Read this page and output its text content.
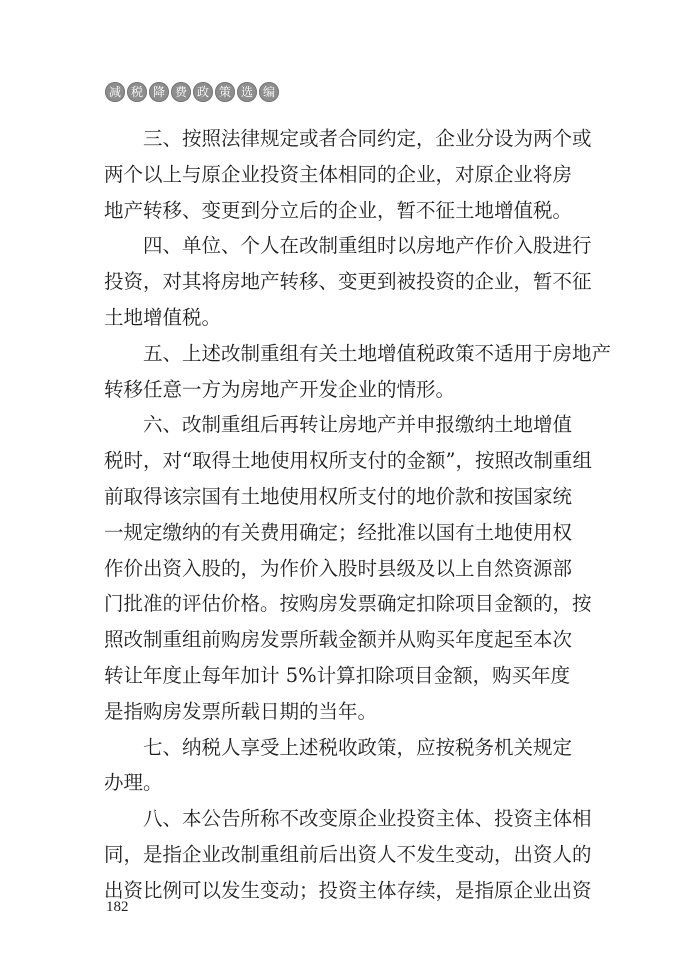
减 税 降 费 政 策 选 编
三、按照法律规定或者合同约定，企业分设为两个或
两个以上与原企业投资主体相同的企业，对原企业将房
地产转移、变更到分立后的企业，暂不征土地增值税。
四、单位、个人在改制重组时以房地产作价入股进行
投资，对其将房地产转移、变更到被投资的企业，暂不征
土地增值税。
五、上述改制重组有关土地增值税政策不适用于房地产
转移任意一方为房地产开发企业的情形。
六、改制重组后再转让房地产并申报缴纳土地增值
税时，对“取得土地使用权所支付的金额”，按照改制重组
前取得该宗国有土地使用权所支付的地价款和按国家统
一规定缴纳的有关费用确定；经批准以国有土地使用权
作价出资入股的，为作价入股时县级及以上自然资源部
门批准的评估价格。按购房发票确定扣除项目金额的，按
照改制重组前购房发票所载金额并从购买年度起至本次
转让年度止每年加计 5%计算扣除项目金额，购买年度
是指购房发票所载日期的当年。
七、纳税人享受上述税收政策，应按税务机关规定
办理。
八、本公告所称不改变原企业投资主体、投资主体相
同，是指企业改制重组前后出资人不发生变动，出资人的
出资比例可以发生变动；投资主体存续，是指原企业出资
182
